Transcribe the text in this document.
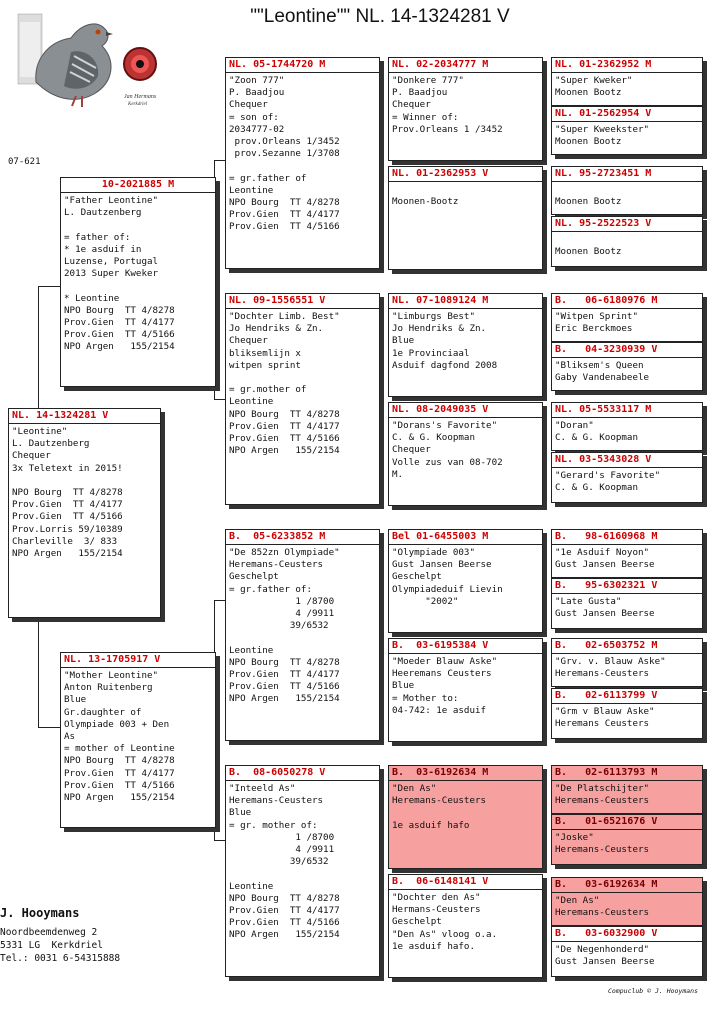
""Leontine"" NL. 14-1324281 V
Jan Hermans
Kerkdriel
07-621
NL. 14-1324281 V
"Leontine"
L. Dautzenberg
Chequer
3x Teletext in 2015!

NPO Bourg  TT 4/8278
Prov.Gien  TT 4/4177
Prov.Gien  TT 4/5166
Prov.Lorris 59/10389
Charleville  3/ 833
NPO Argen   155/2154
10-2021885 M
"Father Leontine"
L. Dautzenberg

= father of:
* 1e asduif in
Luzense, Portugal
2013 Super Kweker

* Leontine
NPO Bourg  TT 4/8278
Prov.Gien  TT 4/4177
Prov.Gien  TT 4/5166
NPO Argen   155/2154
NL. 13-1705917 V
"Mother Leontine"
Anton Ruitenberg
Blue
Gr.daughter of
Olympiade 003 + Den
As
= mother of Leontine
NPO Bourg  TT 4/8278
Prov.Gien  TT 4/4177
Prov.Gien  TT 4/5166
NPO Argen   155/2154
NL. 05-1744720 M
"Zoon 777"
P. Baadjou
Chequer
= son of:
2034777-02
prov.Orleans 1/3452
prov.Sezanne 1/3708

= gr.father of
Leontine
NPO Bourg  TT 4/8278
Prov.Gien  TT 4/4177
Prov.Gien  TT 4/5166
NL. 09-1556551 V
"Dochter Limb. Best"
Jo Hendriks & Zn.
Chequer
bliksemlijn x
witpen sprint

= gr.mother of
Leontine
NPO Bourg  TT 4/8278
Prov.Gien  TT 4/4177
Prov.Gien  TT 4/5166
NPO Argen   155/2154
B.  05-6233852 M
"De 852zn Olympiade"
Heremans-Ceusters
Geschelpt
= gr.father of:
1 /8700
4 /9911
39/6532

Leontine
NPO Bourg  TT 4/8278
Prov.Gien  TT 4/4177
Prov.Gien  TT 4/5166
NPO Argen   155/2154
B.  08-6050278 V
"Inteeld As"
Heremans-Ceusters
Blue
= gr. mother of:
1 /8700
4 /9911
39/6532

Leontine
NPO Bourg  TT 4/8278
Prov.Gien  TT 4/4177
Prov.Gien  TT 4/5166
NPO Argen   155/2154
NL. 02-2034777 M
"Donkere 777"
P. Baadjou
Chequer
= Winner of:
Prov.Orleans 1 /3452
NL. 01-2362953 V

Moonen-Bootz
NL. 07-1089124 M
"Limburgs Best"
Jo Hendriks & Zn.
Blue
1e Provinciaal
Asduif dagfond 2008
NL. 08-2049035 V
"Dorans's Favorite"
C. & G. Koopman
Chequer
Volle zus van 08-702
M.
Bel 01-6455003 M
"Olympiade 003"
Gust Jansen Beerse
Geschelpt
Olympiadeduif Lievin
"2002"
B.  03-6195384 V
"Moeder Blauw Aske"
Heeremans Ceusters
Blue
= Mother to:
04-742: 1e asduif
B.  03-6192634 M
"Den As"
Heremans-Ceusters

1e asduif hafo
B.  06-6148141 V
"Dochter den As"
Hermans-Ceusters
Geschelpt
"Den As" vloog o.a.
1e asduif hafo.
NL. 01-2362952 M
"Super Kweker"
Moonen Bootz
NL. 01-2562954 V
"Super Kweekster"
Moonen Bootz
NL. 95-2723451 M

Moonen Bootz
NL. 95-2522523 V

Moonen Bootz
B.   06-6180976 M
"Witpen Sprint"
Eric Berckmoes
B.   04-3230939 V
"Bliksem's Queen
Gaby Vandenabeele
NL. 05-5533117 M
"Doran"
C. & G. Koopman
NL. 03-5343028 V
"Gerard's Favorite"
C. & G. Koopman
B.   98-6160968 M
"1e Asduif Noyon"
Gust Jansen Beerse
B.   95-6302321 V
"Late Gusta"
Gust Jansen Beerse
B.   02-6503752 M
"Grv. v. Blauw Aske"
Heremans-Ceusters
B.   02-6113799 V
"Grm v Blauw Aske"
Heremans Ceusters
B.   02-6113793 M
"De Platschijter"
Heremans-Ceusters
B.   01-6521676 V
"Joske"
Heremans-Ceusters
B.   03-6192634 M
"Den As"
Heremans-Ceusters
B.   03-6032900 V
"De Negenhonderd"
Gust Jansen Beerse
J. Hooymans
Noordbeemdenweg 2
5331 LG  Kerkdriel
Tel.: 0031 6-54315888
Compuclub © J. Hooymans
